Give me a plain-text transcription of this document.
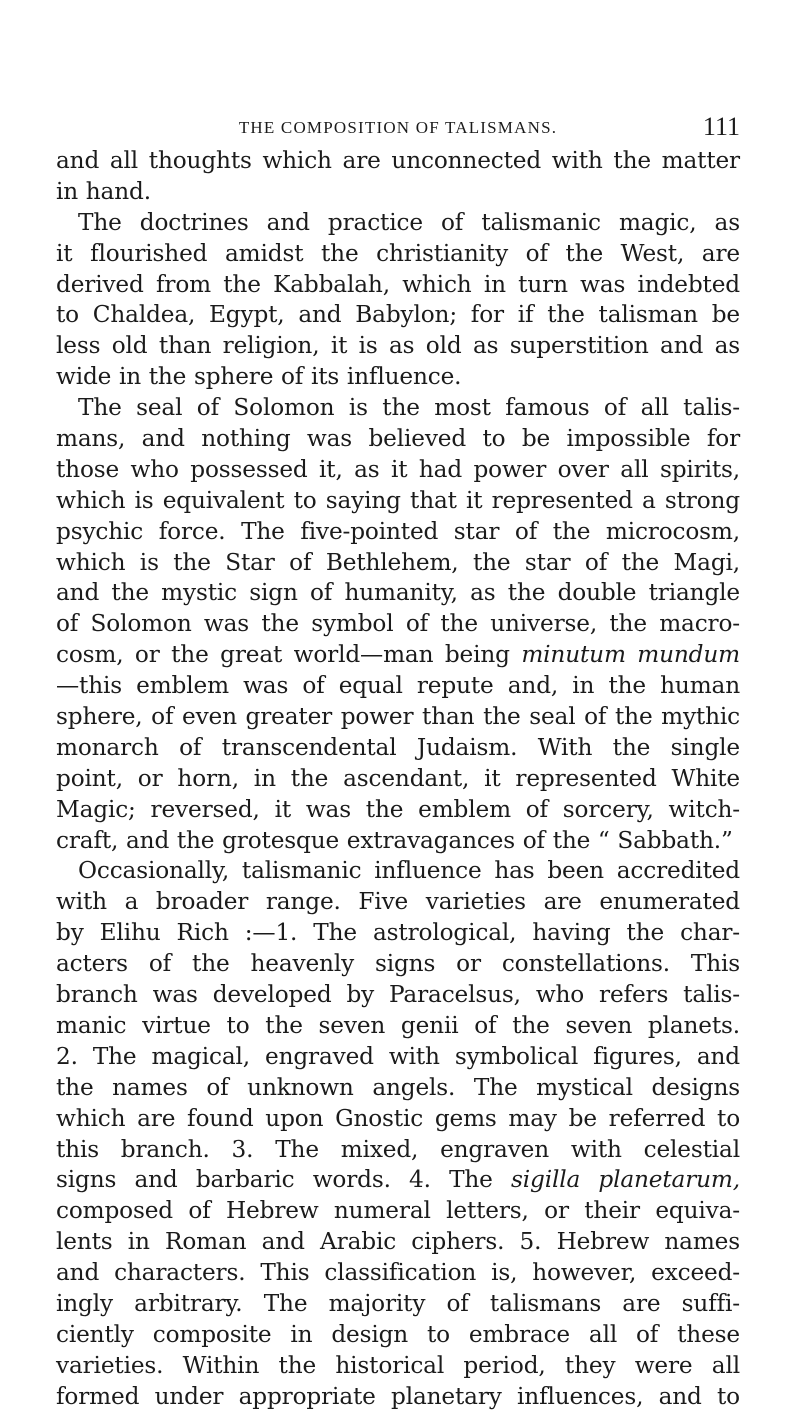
THE COMPOSITION OF TALISMANS.	111
and all thoughts which are unconnected with the matter
in hand.
The doctrines and practice of talismanic magic, as
it flourished amidst the christianity of the West, are
derived from the Kabbalah, which in turn was indebted
to Chaldea, Egypt, and Babylon; for if the talisman be
less old than religion, it is as old as superstition and as
wide in the sphere of its influence.
The seal of Solomon is the most famous of all talis-
mans, and nothing was believed to be impossible for
those who possessed it, as it had power over all spirits,
which is equivalent to saying that it represented a strong
psychic force. The five-pointed star of the microcosm,
which is the Star of Bethlehem, the star of the Magi,
and the mystic sign of humanity, as the double triangle
of Solomon was the symbol of the universe, the macro-
cosm, or the great world—man being minutum mundum
—this emblem was of equal repute and, in the human
sphere, of even greater power than the seal of the mythic
monarch of transcendental Judaism. With the single
point, or horn, in the ascendant, it represented White
Magic; reversed, it was the emblem of sorcery, witch-
craft, and the grotesque extravagances of the “ Sabbath.”
Occasionally, talismanic influence has been accredited
with a broader range. Five varieties are enumerated
by Elihu Rich :—1. The astrological, having the char-
acters of the heavenly signs or constellations. This
branch was developed by Paracelsus, who refers talis-
manic virtue to the seven genii of the seven planets.
2. The magical, engraved with symbolical figures, and
the names of unknown angels. The mystical designs
which are found upon Gnostic gems may be referred to
this branch. 3. The mixed, engraven with celestial
signs and barbaric words. 4. The sigilla planetarum,
composed of Hebrew numeral letters, or their equiva-
lents in Roman and Arabic ciphers. 5. Hebrew names
and characters. This classification is, however, exceed-
ingly arbitrary. The majority of talismans are suffi-
ciently composite in design to embrace all of these
varieties. Within the historical period, they were all
formed under appropriate planetary influences, and to
